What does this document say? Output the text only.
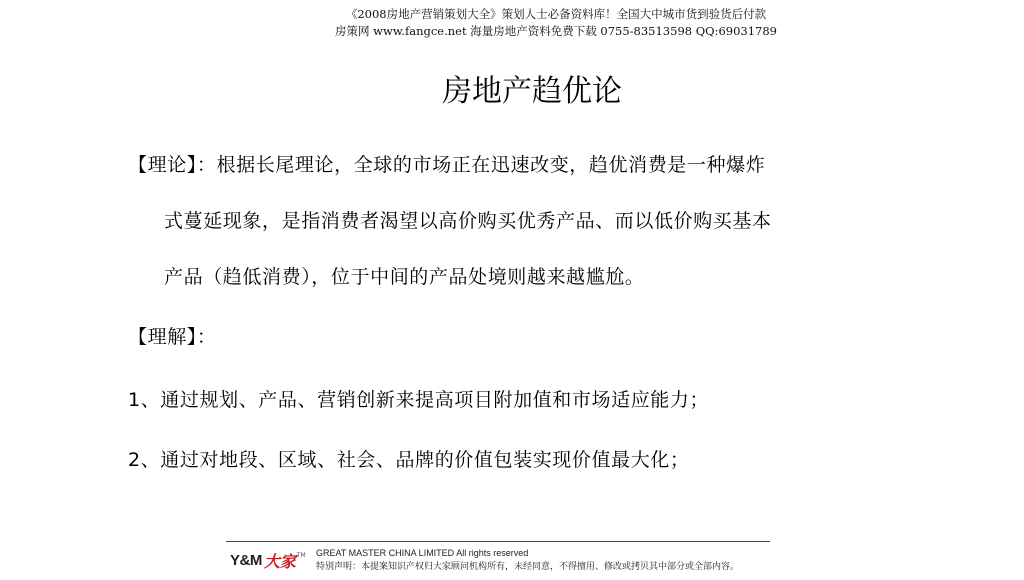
《2008房地产营销策划大全》策划人士必备资料库！全国大中城市货到验货后付款
房策网 www.fangce.net 海量房地产资料免费下载 0755-83513598 QQ:69031789
房地产趋优论
【理论】：根据长尾理论，全球的市场正在迅速改变，趋优消费是一种爆炸
式蔓延现象，是指消费者渴望以高价购买优秀产品、而以低价购买基本
产品（趋低消费），位于中间的产品处境则越来越尴尬。
【理解】：
1、通过规划、产品、营销创新来提高项目附加值和市场适应能力；
2、通过对地段、区域、社会、品牌的价值包装实现价值最大化；
Y&M 大家 TM GREAT MASTER CHINA LIMITED All rights reserved
特别声明：本提案知识产权归大家顾问机构所有，未经同意，不得擅用、修改或拷贝其中部分或全部内容。
